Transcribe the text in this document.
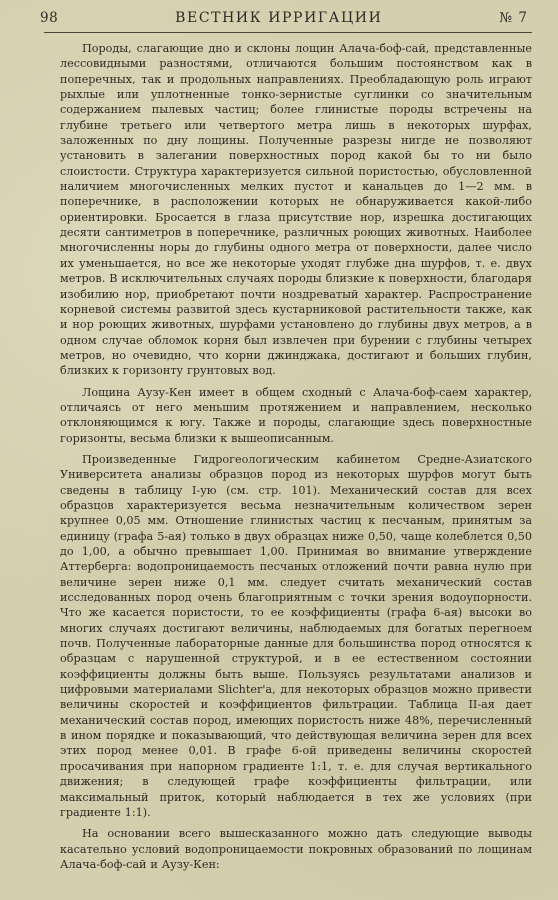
98	ВЕСТНИК ИРРИГАЦИИ	№ 7

Породы, слагающие дно и склоны лощин Алача-боф-сай, представленные лессовидными разностями, отличаются большим постоянством как в поперечных, так и продольных направлениях. Преобладающую роль играют рыхлые или уплотненные тонко-зернистые суглинки со значительным содержанием пылевых частиц; более глинистые породы встречены на глубине третьего или четвертого метра лишь в некоторых шурфах, заложенных по дну лощины. Полученные разрезы нигде не позволяют установить в залегании поверхностных пород какой бы то ни было слоистости. Структура характеризуется сильной пористостью, обусловленной наличием многочисленных мелких пустот и канальцев до 1—2 мм. в поперечнике, в расположении которых не обнаруживается какой-либо ориентировки. Бросается в глаза присутствие нор, изрешка достигающих десяти сантиметров в поперечнике, различных роющих животных. Наиболее многочисленны норы до глубины одного метра от поверхности, далее число их уменьшается, но все же некоторые уходят глубже дна шурфов, т. е. двух метров. В исключительных случаях породы близкие к поверхности, благодаря изобилию нор, приобретают почти ноздреватый характер. Распространение корневой системы развитой здесь кустарниковой растительности также, как и нор роющих животных, шурфами установлено до глубины двух метров, а в одном случае обломок корня был извлечен при бурении с глубины четырех метров, но очевидно, что корни джинджака, достигают и больших глубин, близких к горизонту грунтовых вод.

Лощина Аузу-Кен имеет в общем сходный с Алача-боф-саем характер, отличаясь от него меньшим протяжением и направлением, несколько отклоняющимся к югу. Также и породы, слагающие здесь поверхностные горизонты, весьма близки к вышеописанным.

Произведенные Гидрогеологическим кабинетом Средне-Азиатского Университета анализы образцов пород из некоторых шурфов могут быть сведены в таблицу I-ую (см. стр. 101). Механический состав для всех образцов характеризуется весьма незначительным количеством зерен крупнее 0,05 мм. Отношение глинистых частиц к песчаным, принятым за единицу (графа 5-ая) только в двух образцах ниже 0,50, чаще колеблется 0,50 до 1,00, а обычно превышает 1,00. Принимая во внимание утверждение Аттерберга: водопроницаемость песчаных отложений почти равна нулю при величине зерен ниже 0,1 мм. следует считать механический состав исследованных пород очень благоприятным с точки зрения водоупорности. Что же касается пористости, то ее коэффициенты (графа 6-ая) высоки во многих случаях достигают величины, наблюдаемых для богатых перегноем почв. Полученные лабораторные данные для большинства пород относятся к образцам с нарушенной структурой, и в ее естественном состоянии коэффициенты должны быть выше. Пользуясь результатами анализов и цифровыми материалами Slichter'a, для некоторых образцов можно привести величины скоростей и коэффициентов фильтрации. Таблица II-ая дает механический состав пород, имеющих пористость ниже 48%, перечисленный в ином порядке и показывающий, что действующая величина зерен для всех этих пород менее 0,01. В графе 6-ой приведены величины скоростей просачивания при напорном градиенте 1:1, т. е. для случая вертикального движения; в следующей графе коэффициенты фильтрации, или максимальный приток, который наблюдается в тех же условиях (при градиенте 1:1).

На основании всего вышесказанного можно дать следующие выводы касательно условий водопроницаемости покровных образований по лощинам Алача-боф-сай и Аузу-Кен:
